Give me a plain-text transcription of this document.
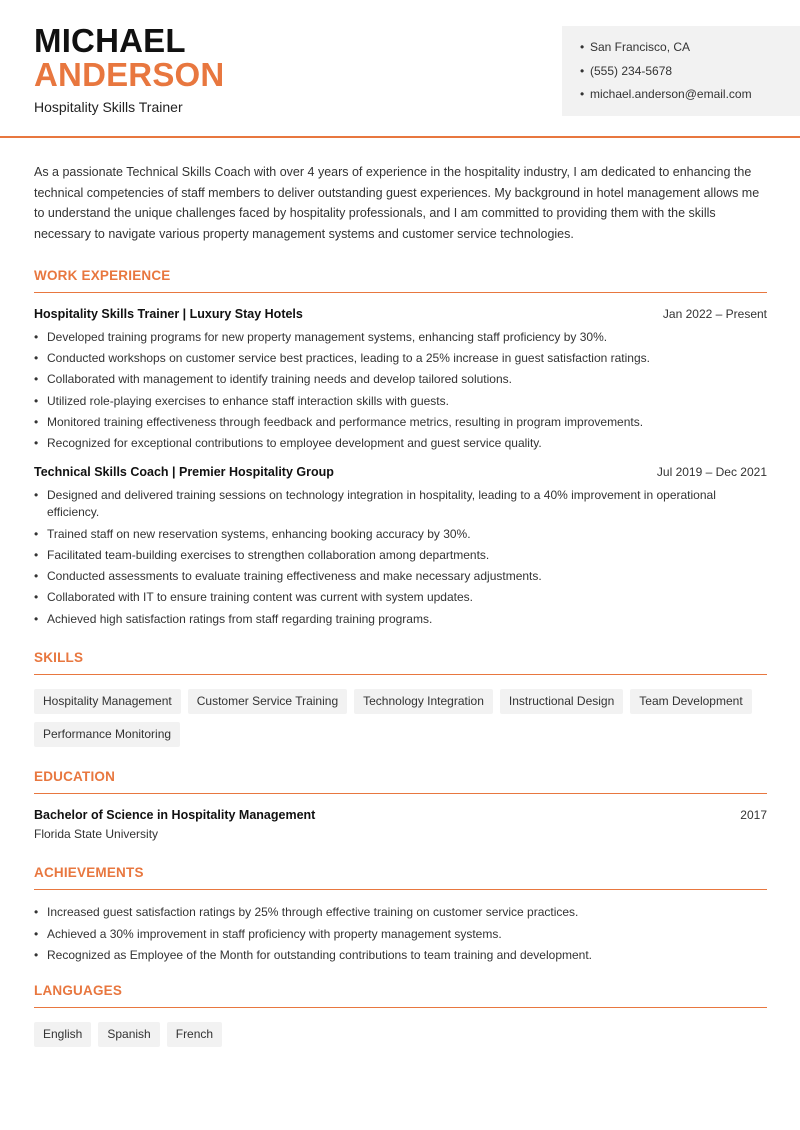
MICHAEL
ANDERSON
Hospitality Skills Trainer
• San Francisco, CA
• (555) 234-5678
• michael.anderson@email.com

As a passionate Technical Skills Coach with over 4 years of experience in the hospitality industry, I am dedicated to enhancing the technical competencies of staff members to deliver outstanding guest experiences. My background in hotel management allows me to understand the unique challenges faced by hospitality professionals, and I am committed to providing them with the skills necessary to navigate various property management systems and customer service technologies.

WORK EXPERIENCE
Hospitality Skills Trainer | Luxury Stay Hotels	Jan 2022 – Present
• Developed training programs for new property management systems, enhancing staff proficiency by 30%.
• Conducted workshops on customer service best practices, leading to a 25% increase in guest satisfaction ratings.
• Collaborated with management to identify training needs and develop tailored solutions.
• Utilized role-playing exercises to enhance staff interaction skills with guests.
• Monitored training effectiveness through feedback and performance metrics, resulting in program improvements.
• Recognized for exceptional contributions to employee development and guest service quality.
Technical Skills Coach | Premier Hospitality Group	Jul 2019 – Dec 2021
• Designed and delivered training sessions on technology integration in hospitality, leading to a 40% improvement in operational efficiency.
• Trained staff on new reservation systems, enhancing booking accuracy by 30%.
• Facilitated team-building exercises to strengthen collaboration among departments.
• Conducted assessments to evaluate training effectiveness and make necessary adjustments.
• Collaborated with IT to ensure training content was current with system updates.
• Achieved high satisfaction ratings from staff regarding training programs.
SKILLS
Hospitality Management	Customer Service Training	Technology Integration	Instructional Design	Team Development
Performance Monitoring
EDUCATION
Bachelor of Science in Hospitality Management	2017
Florida State University
ACHIEVEMENTS
• Increased guest satisfaction ratings by 25% through effective training on customer service practices.
• Achieved a 30% improvement in staff proficiency with property management systems.
• Recognized as Employee of the Month for outstanding contributions to team training and development.
LANGUAGES
English	Spanish	French
